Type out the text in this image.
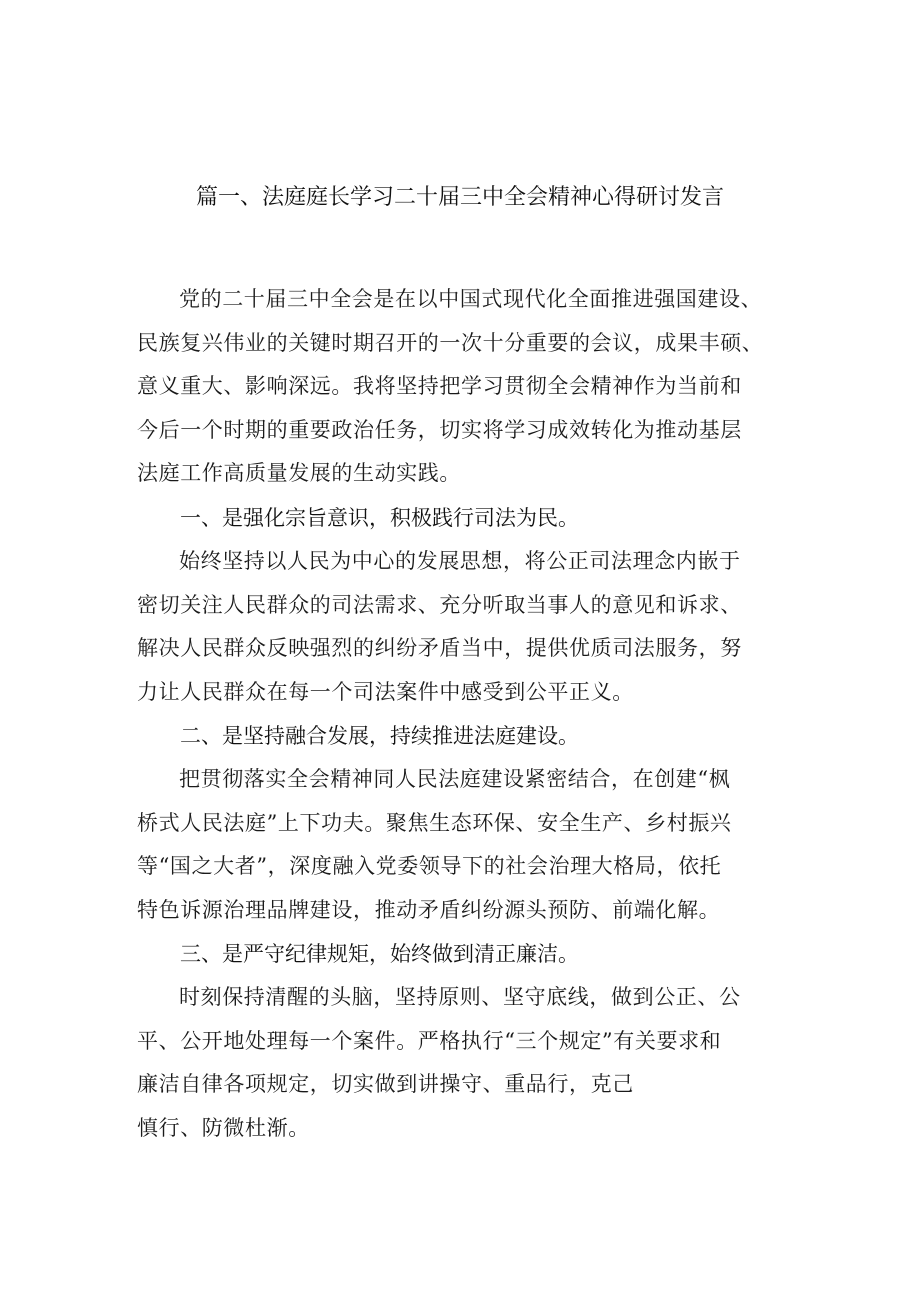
篇一、法庭庭长学习二十届三中全会精神心得研讨发言

党的二十届三中全会是在以中国式现代化全面推进强国建设、
民族复兴伟业的关键时期召开的一次十分重要的会议，成果丰硕、
意义重大、影响深远。我将坚持把学习贯彻全会精神作为当前和
今后一个时期的重要政治任务，切实将学习成效转化为推动基层
法庭工作高质量发展的生动实践。

一、是强化宗旨意识，积极践行司法为民。

始终坚持以人民为中心的发展思想，将公正司法理念内嵌于
密切关注人民群众的司法需求、充分听取当事人的意见和诉求、
解决人民群众反映强烈的纠纷矛盾当中，提供优质司法服务，努
力让人民群众在每一个司法案件中感受到公平正义。

二、是坚持融合发展，持续推进法庭建设。

把贯彻落实全会精神同人民法庭建设紧密结合，在创建“枫
桥式人民法庭”上下功夫。聚焦生态环保、安全生产、乡村振兴
等“国之大者”，深度融入党委领导下的社会治理大格局，依托
特色诉源治理品牌建设，推动矛盾纠纷源头预防、前端化解。

三、是严守纪律规矩，始终做到清正廉洁。

时刻保持清醒的头脑，坚持原则、坚守底线，做到公正、公
平、公开地处理每一个案件。严格执行“三个规定”有关要求和
廉洁自律各项规定，切实做到讲操守、重品行，克己
慎行、防微杜渐。
